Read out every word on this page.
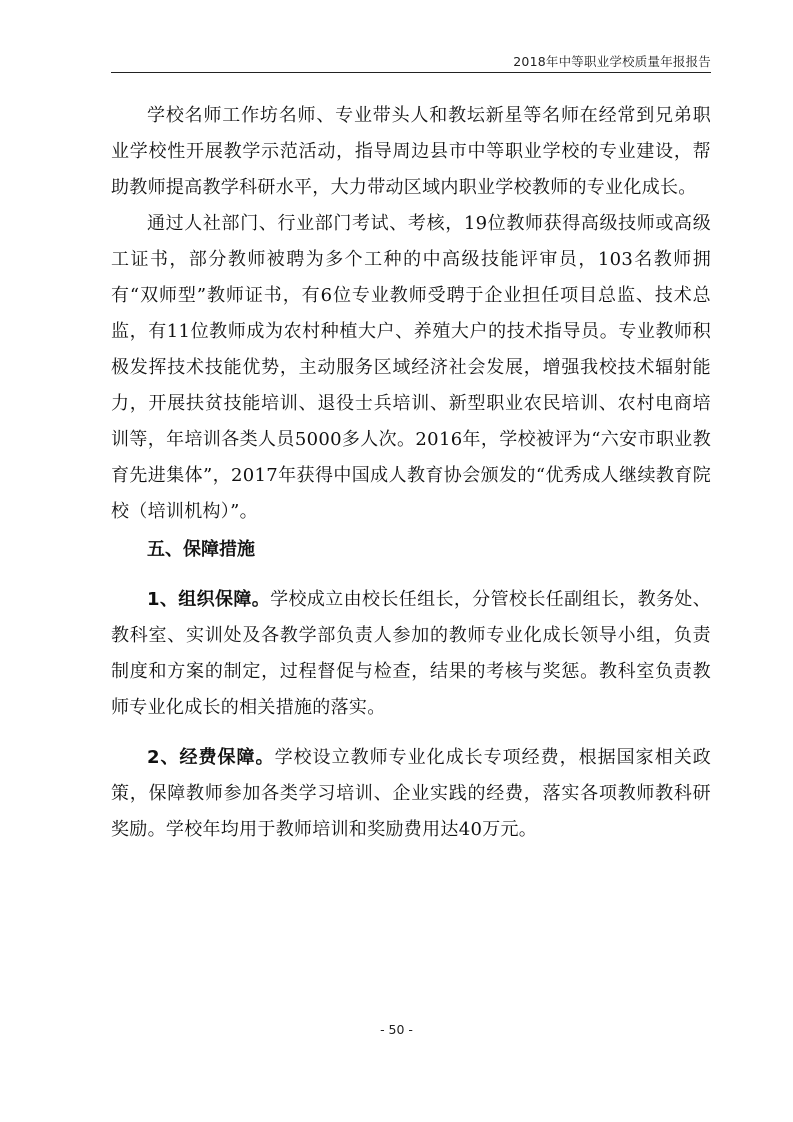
2018年中等职业学校质量年报报告

学校名师工作坊名师、专业带头人和教坛新星等名师在经常到兄弟职业学校性开展教学示范活动，指导周边县市中等职业学校的专业建设，帮助教师提高教学科研水平，大力带动区域内职业学校教师的专业化成长。

通过人社部门、行业部门考试、考核，19位教师获得高级技师或高级工证书，部分教师被聘为多个工种的中高级技能评审员，103名教师拥有“双师型”教师证书，有6位专业教师受聘于企业担任项目总监、技术总监，有11位教师成为农村种植大户、养殖大户的技术指导员。专业教师积极发挥技术技能优势，主动服务区域经济社会发展，增强我校技术辐射能力，开展扶贫技能培训、退役士兵培训、新型职业农民培训、农村电商培训等，年培训各类人员5000多人次。2016年，学校被评为“六安市职业教育先进集体”，2017年获得中国成人教育协会颁发的“优秀成人继续教育院校（培训机构）”。

五、保障措施

1、组织保障。学校成立由校长任组长，分管校长任副组长，教务处、教科室、实训处及各教学部负责人参加的教师专业化成长领导小组，负责制度和方案的制定，过程督促与检查，结果的考核与奖惩。教科室负责教师专业化成长的相关措施的落实。

2、经费保障。学校设立教师专业化成长专项经费，根据国家相关政策，保障教师参加各类学习培训、企业实践的经费，落实各项教师教科研奖励。学校年均用于教师培训和奖励费用达40万元。

- 50 -
